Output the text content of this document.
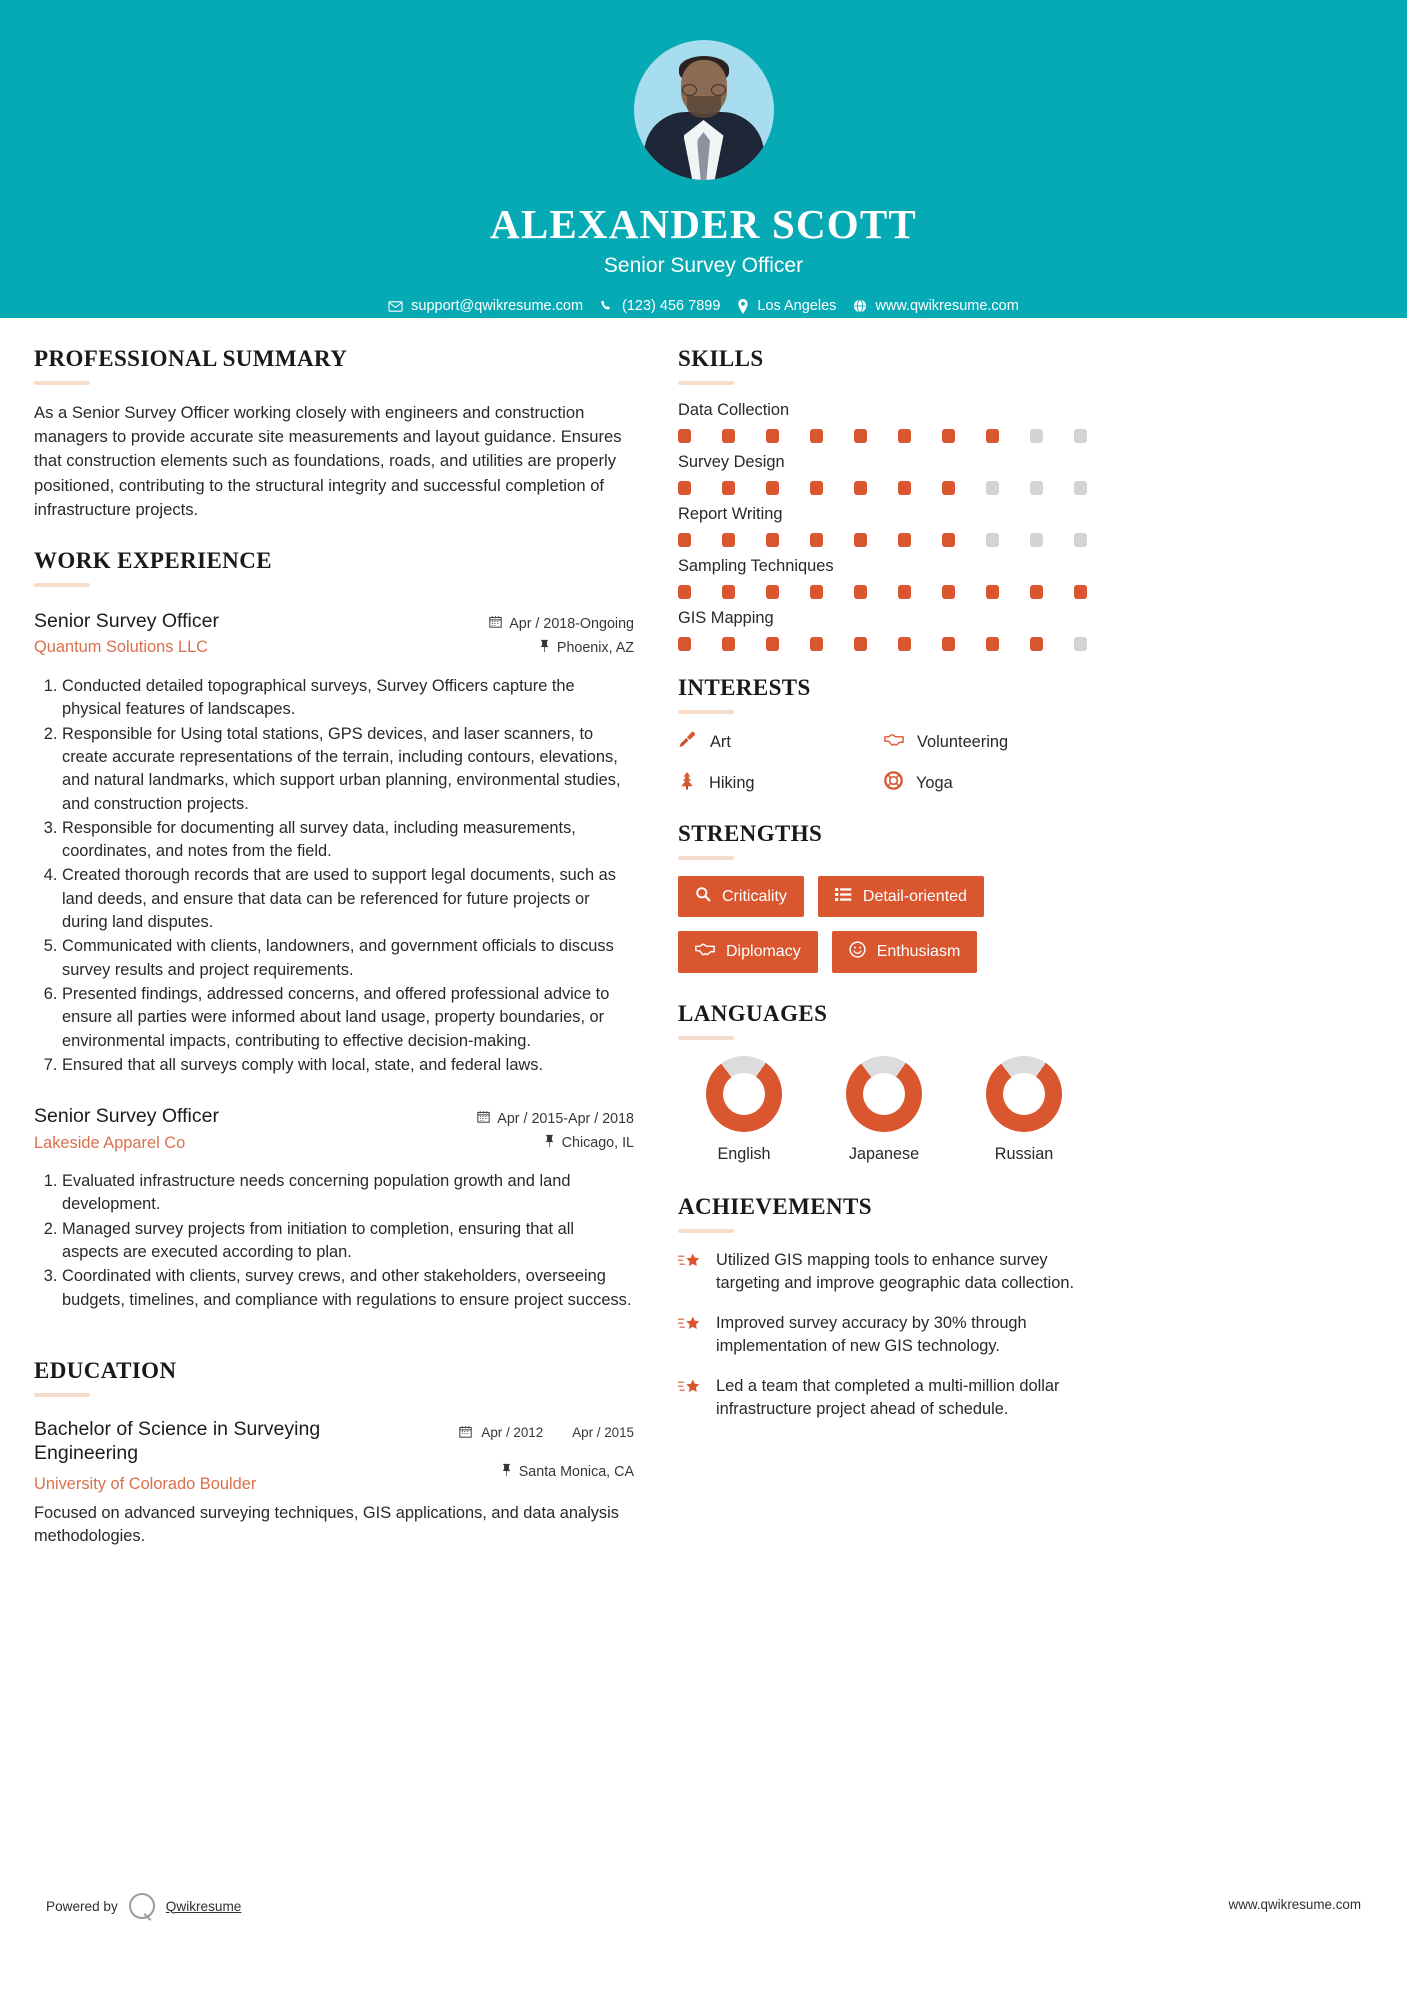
ALEXANDER SCOTT
Senior Survey Officer
support@qwikresume.com	(123) 456 7899	Los Angeles	www.qwikresume.com
PROFESSIONAL SUMMARY
As a Senior Survey Officer working closely with engineers and construction managers to provide accurate site measurements and layout guidance. Ensures that construction elements such as foundations, roads, and utilities are properly positioned, contributing to the structural integrity and successful completion of infrastructure projects.
WORK EXPERIENCE
Senior Survey Officer
Quantum Solutions LLC
Apr / 2018-Ongoing
Phoenix, AZ
1. Conducted detailed topographical surveys, Survey Officers capture the physical features of landscapes.
2. Responsible for Using total stations, GPS devices, and laser scanners, to create accurate representations of the terrain, including contours, elevations, and natural landmarks, which support urban planning, environmental studies, and construction projects.
3. Responsible for documenting all survey data, including measurements, coordinates, and notes from the field.
4. Created thorough records that are used to support legal documents, such as land deeds, and ensure that data can be referenced for future projects or during land disputes.
5. Communicated with clients, landowners, and government officials to discuss survey results and project requirements.
6. Presented findings, addressed concerns, and offered professional advice to ensure all parties were informed about land usage, property boundaries, or environmental impacts, contributing to effective decision-making.
7. Ensured that all surveys comply with local, state, and federal laws.
Senior Survey Officer
Lakeside Apparel Co
Apr / 2015-Apr / 2018
Chicago, IL
1. Evaluated infrastructure needs concerning population growth and land development.
2. Managed survey projects from initiation to completion, ensuring that all aspects are executed according to plan.
3. Coordinated with clients, survey crews, and other stakeholders, overseeing budgets, timelines, and compliance with regulations to ensure project success.
EDUCATION
Bachelor of Science in Surveying Engineering
University of Colorado Boulder
Apr / 2012 Apr / 2015
Santa Monica, CA
Focused on advanced surveying techniques, GIS applications, and data analysis methodologies.
SKILLS
Data Collection
Survey Design
Report Writing
Sampling Techniques
GIS Mapping
INTERESTS
Art	Volunteering
Hiking	Yoga
STRENGTHS
Criticality	Detail-oriented
Diplomacy	Enthusiasm
LANGUAGES
English	Japanese	Russian
ACHIEVEMENTS
Utilized GIS mapping tools to enhance survey targeting and improve geographic data collection.
Improved survey accuracy by 30% through implementation of new GIS technology.
Led a team that completed a multi-million dollar infrastructure project ahead of schedule.
Powered by	Qwikresume	www.qwikresume.com
